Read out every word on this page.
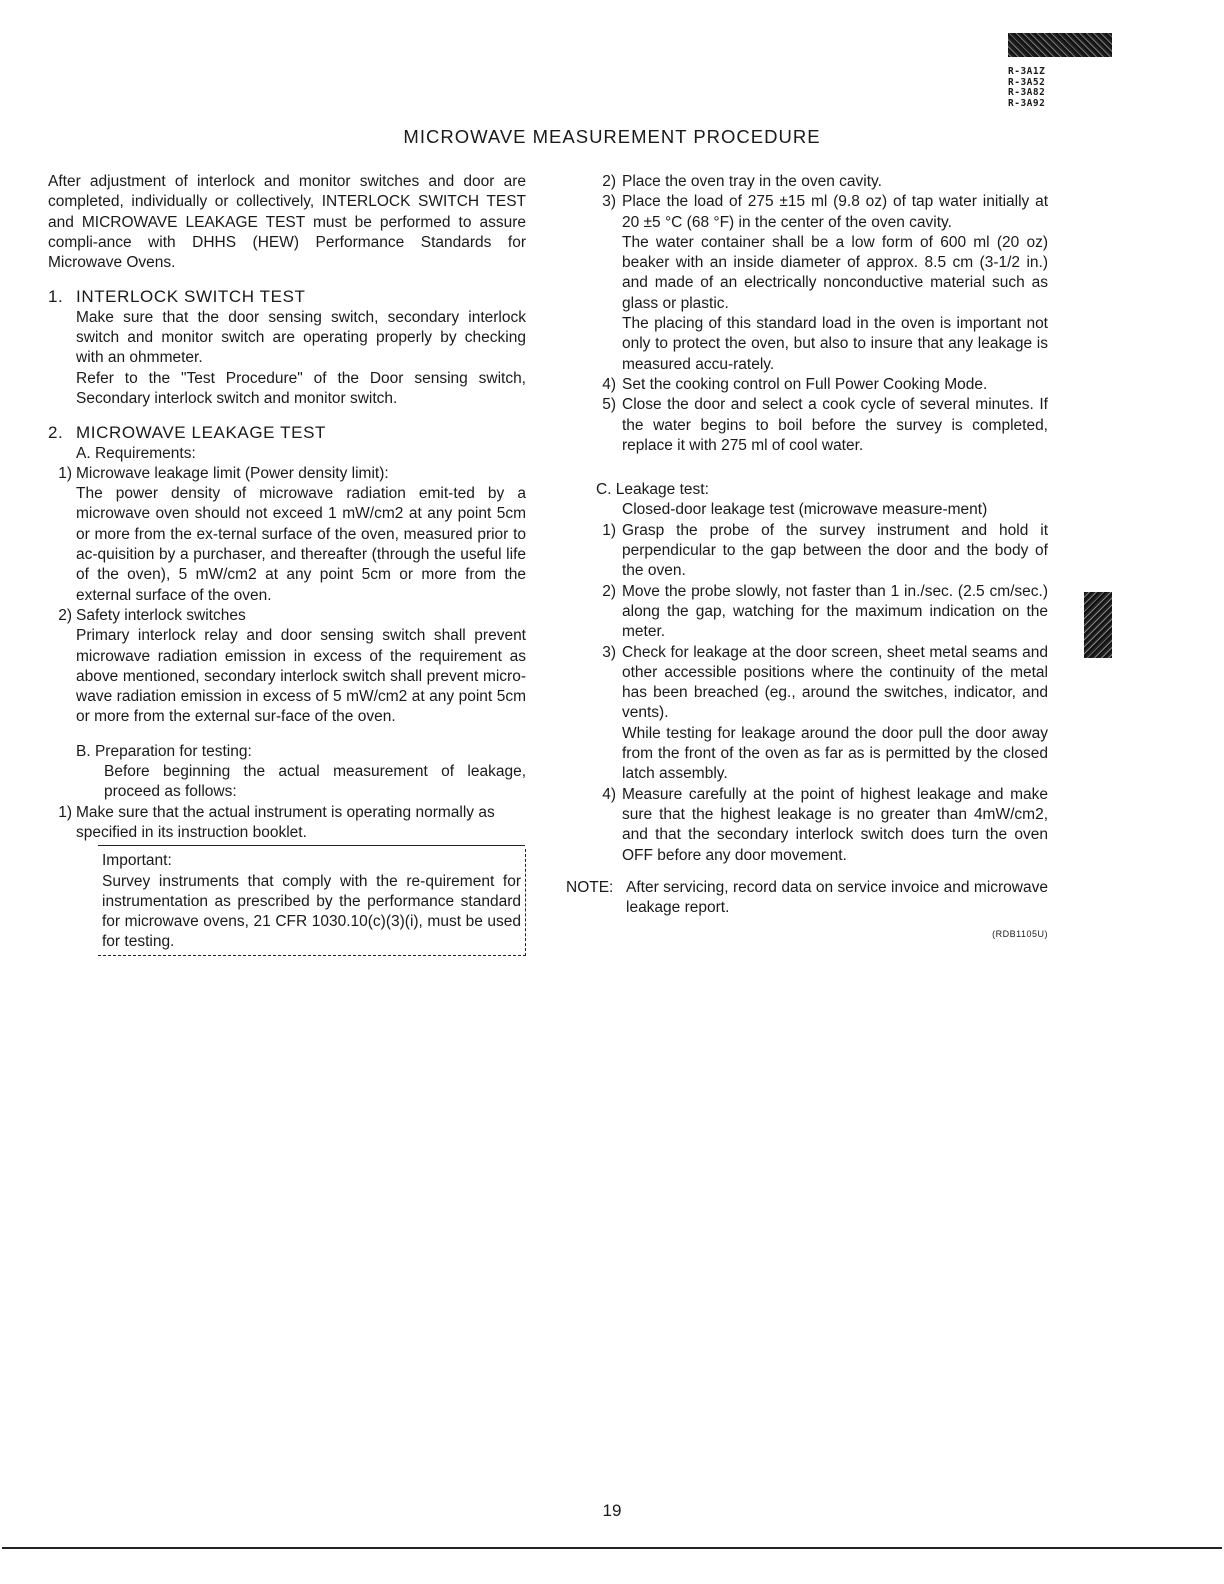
R-3A1Z
R-3A52
R-3A82
R-3A92
MICROWAVE MEASUREMENT PROCEDURE

After adjustment of interlock and monitor switches and door are completed, individually or collectively, INTERLOCK SWITCH TEST and MICROWAVE LEAKAGE TEST must be performed to assure compli-ance with DHHS (HEW) Performance Standards for Microwave Ovens.

1. INTERLOCK SWITCH TEST

Make sure that the door sensing switch, secondary interlock switch and monitor switch are operating properly by checking with an ohmmeter.

Refer to the "Test Procedure" of the Door sensing switch, Secondary interlock switch and monitor switch.

2. MICROWAVE LEAKAGE TEST

A. Requirements:

1) Microwave leakage limit (Power density limit):

The power density of microwave radiation emit-ted by a microwave oven should not exceed 1 mW/cm2 at any point 5cm or more from the ex-ternal surface of the oven, measured prior to ac-quisition by a purchaser, and thereafter (through the useful life of the oven), 5 mW/cm2 at any point 5cm or more from the external surface of the oven.

2) Safety interlock switches

Primary interlock relay and door sensing switch shall prevent microwave radiation emission in excess of the requirement as above mentioned, secondary interlock switch shall prevent micro-wave radiation emission in excess of 5 mW/cm2 at any point 5cm or more from the external sur-face of the oven.

B. Preparation for testing:

Before beginning the actual measurement of leakage, proceed as follows:

1) Make sure that the actual instrument is operating normally as specified in its instruction booklet.

Important:

Survey instruments that comply with the re-quirement for instrumentation as prescribed by the performance standard for microwave ovens, 21 CFR 1030.10(c)(3)(i), must be used for testing.

2) Place the oven tray in the oven cavity.

3) Place the load of 275 ±15 ml (9.8 oz) of tap water initially at 20 ±5 °C (68 °F) in the center of the oven cavity.

The water container shall be a low form of 600 ml (20 oz) beaker with an inside diameter of approx. 8.5 cm (3-1/2 in.) and made of an electrically nonconductive material such as glass or plastic.

The placing of this standard load in the oven is important not only to protect the oven, but also to insure that any leakage is measured accu-rately.

4) Set the cooking control on Full Power Cooking Mode.

5) Close the door and select a cook cycle of several minutes. If the water begins to boil before the survey is completed, replace it with 275 ml of cool water.

C. Leakage test:

Closed-door leakage test (microwave measure-ment)

1) Grasp the probe of the survey instrument and hold it perpendicular to the gap between the door and the body of the oven.

2) Move the probe slowly, not faster than 1 in./sec. (2.5 cm/sec.) along the gap, watching for the maximum indication on the meter.

3) Check for leakage at the door screen, sheet metal seams and other accessible positions where the continuity of the metal has been breached (eg., around the switches, indicator, and vents).

While testing for leakage around the door pull the door away from the front of the oven as far as is permitted by the closed latch assembly.

4) Measure carefully at the point of highest leakage and make sure that the highest leakage is no greater than 4mW/cm2, and that the secondary interlock switch does turn the oven OFF before any door movement.

NOTE: After servicing, record data on service invoice and microwave leakage report.

(RDB1105U)
19
